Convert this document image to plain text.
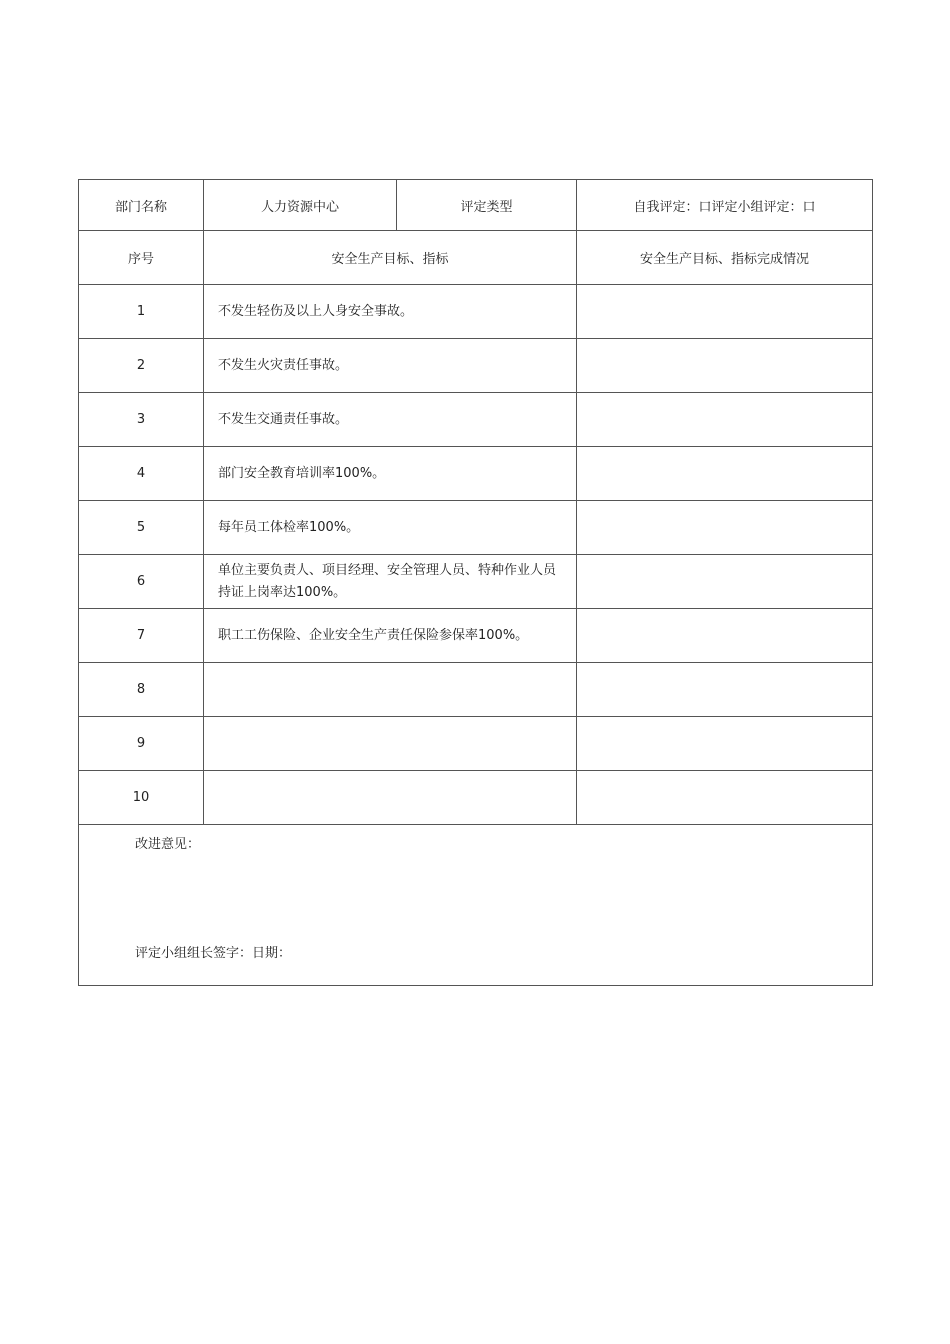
部门名称	人力资源中心	评定类型	自我评定：口评定小组评定：口
序号	安全生产目标、指标		安全生产目标、指标完成情况
1	不发生轻伤及以上人身安全事故。		

2	不发生火灾责任事故。		

3	不发生交通责任事故。		

4	部门安全教育培训率100%。		

5	每年员工体检率100%。		

6	单位主要负责人、项目经理、安全管理人员、特种作业人员持证上岗率达100%。		

7	职工工伤保险、企业安全生产责任保险参保率100%。		

8		

9		

10		

改进意见：
评定小组组长签字：日期：			
